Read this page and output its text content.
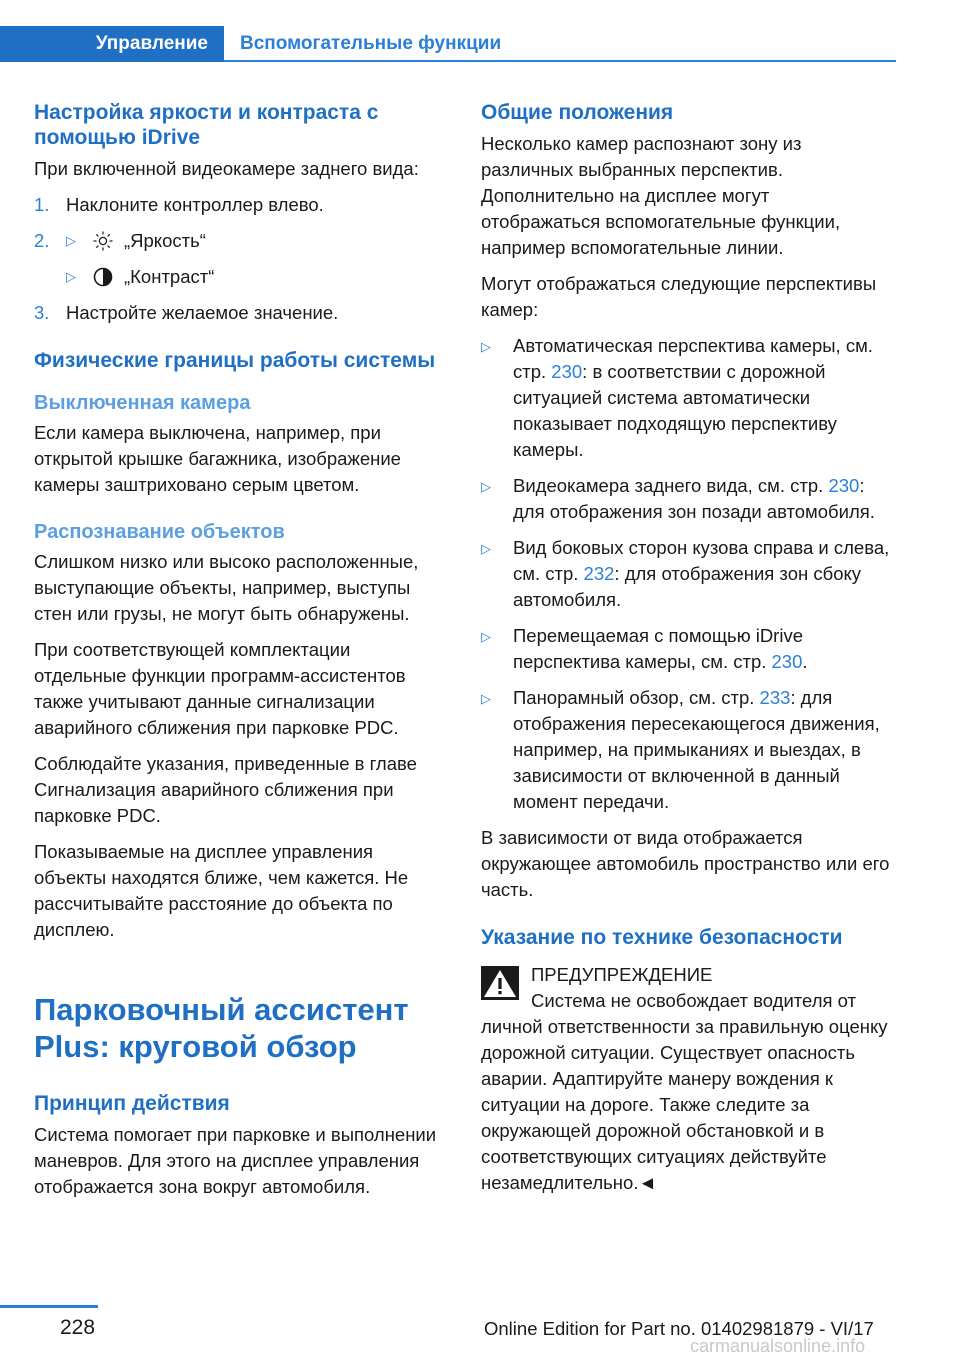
Управление	Вспомогательные функции
Настройка яркости и контраста с помощью iDrive

При включенной видеокамере заднего вида:

1. Наклоните контроллер влево.
2. ▷	„Яркость“
▷	„Контраст“
3. Настройте желаемое значение.
Физические границы работы системы
Выключенная камера

Если камера выключена, например, при открытой крышке багажника, изображение камеры заштриховано серым цветом.

Распознавание объектов

Слишком низко или высоко расположенные, выступающие объекты, например, выступы стен или грузы, не могут быть обнаружены.

При соответствующей комплектации отдельные функции программ-ассистентов также учитывают данные сигнализации аварийного сближения при парковке PDC.

Соблюдайте указания, приведенные в главе Сигнализация аварийного сближения при парковке PDC.

Показываемые на дисплее управления объекты находятся ближе, чем кажется. Не рассчитывайте расстояние до объекта по дисплею.

Парковочный ассистент Plus: круговой обзор
Принцип действия

Система помогает при парковке и выполнении маневров. Для этого на дисплее управления отображается зона вокруг автомобиля.

Общие положения

Несколько камер распознают зону из различных выбранных перспектив. Дополнительно на дисплее могут отображаться вспомогательные функции, например вспомогательные линии.

Могут отображаться следующие перспективы камер:

▷	Автоматическая перспектива камеры, см. стр. 230: в соответствии с дорожной ситуацией система автоматически показывает подходящую перспективу камеры.
▷	Видеокамера заднего вида, см. стр. 230: для отображения зон позади автомобиля.
▷	Вид боковых сторон кузова справа и слева, см. стр. 232: для отображения зон сбоку автомобиля.
▷	Перемещаемая с помощью iDrive перспектива камеры, см. стр. 230.
▷	Панорамный обзор, см. стр. 233: для отображения пересекающегося движения, например, на примыканиях и выездах, в зависимости от включенной в данный момент передачи.

В зависимости от вида отображается окружающее автомобиль пространство или его часть.

Указание по технике безопасности
ПРЕДУПРЕЖДЕНИЕ

Система не освобождает водителя от личной ответственности за правильную оценку дорожной ситуации. Существует опасность аварии. Адаптируйте манеру вождения к ситуации на дороге. Также следите за окружающей дорожной обстановкой и в соответствующих ситуациях действуйте незамедлительно.◄

228	Online Edition for Part no. 01402981879 - VI/17
carmanualsonline.info
